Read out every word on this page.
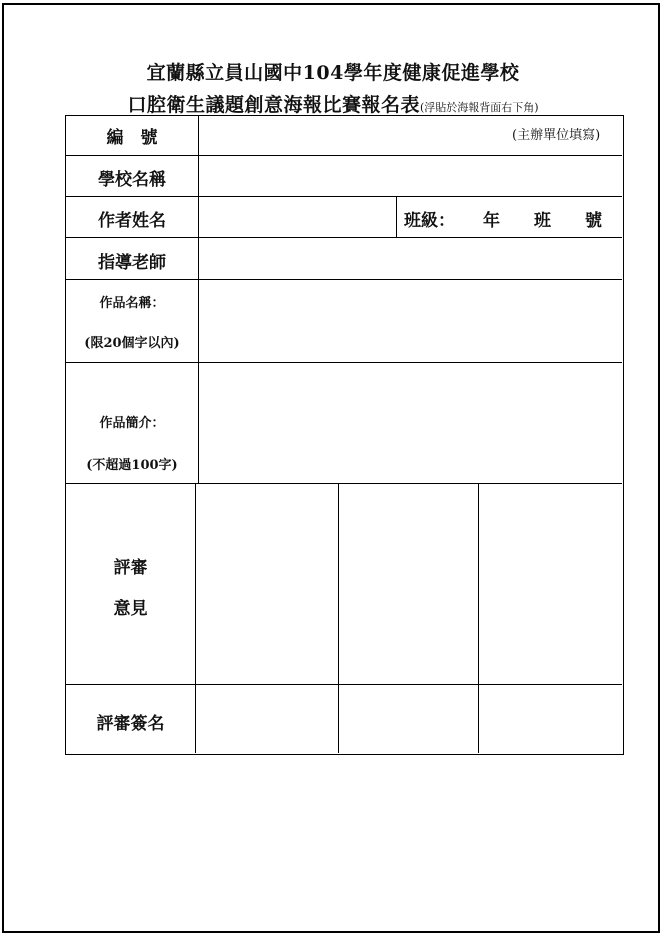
宜蘭縣立員山國中104學年度健康促進學校
口腔衛生議題創意海報比賽報名表(浮貼於海報背面右下角)
編　號	(主辦單位填寫)
學校名稱
作者姓名	班級： 年 班 號
指導老師
作品名稱：
(限20個字以內)
作品簡介：
(不超過100字)
評審
意見
評審簽名
